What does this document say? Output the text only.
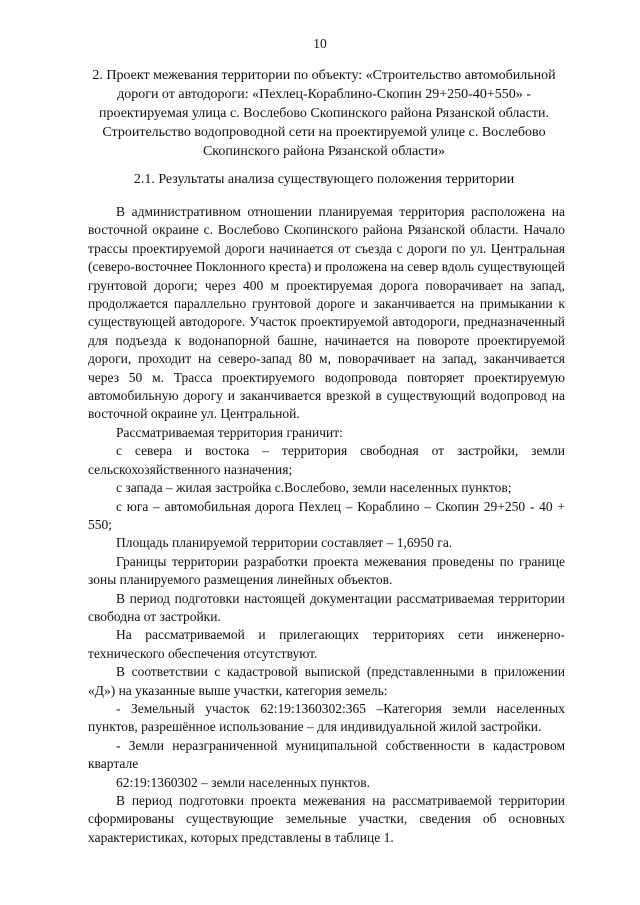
10
2. Проект межевания территории по объекту: «Строительство автомобильной
дороги от автодороги: «Пехлец-Кораблино-Скопин 29+250-40+550» -
проектируемая улица с. Вослебово Скопинского района Рязанской области.
Строительство водопроводной сети на проектируемой улице с. Вослебово
Скопинского района Рязанской области»
2.1. Результаты анализа существующего положения территории

В административном отношении планируемая территория расположена на восточной окраине с. Вослебово Скопинского района Рязанской области. Начало трассы проектируемой дороги начинается от съезда с дороги по ул. Центральная (северо-восточнее Поклонного креста) и проложена на север вдоль существующей грунтовой дороги; через 400 м проектируемая дорога поворачивает на запад, продолжается параллельно грунтовой дороге и заканчивается на примыкании к существующей автодороге. Участок проектируемой автодороги, предназначенный для подъезда к водонапорной башне, начинается на повороте проектируемой дороги, проходит на северо-запад 80 м, поворачивает на запад, заканчивается через 50 м. Трасса проектируемого водопровода повторяет проектируемую автомобильную дорогу и заканчивается врезкой в существующий водопровод на восточной окраине ул. Центральной.

Рассматриваемая территория граничит:

с севера и востока – территория свободная от застройки, земли сельскохозяйственного назначения;

с запада – жилая застройка с.Вослебово, земли населенных пунктов;

с юга – автомобильная дорога Пехлец – Кораблино – Скопин 29+250 - 40 + 550;

Площадь планируемой территории составляет – 1,6950 га.

Границы территории разработки проекта межевания проведены по границе зоны планируемого размещения линейных объектов.

В период подготовки настоящей документации рассматриваемая территории свободна от застройки.

На рассматриваемой и прилегающих территориях сети инженерно-технического обеспечения отсутствуют.

В соответствии с кадастровой выпиской (представленными в приложении «Д») на указанные выше участки, категория земель:

- Земельный участок 62:19:1360302:365 –Категория земли населенных пунктов, разрешённое использование – для индивидуальной жилой застройки.

- Земли неразграниченной муниципальной собственности в кадастровом квартале

62:19:1360302 – земли населенных пунктов.

В период подготовки проекта межевания на рассматриваемой территории сформированы существующие земельные участки, сведения об основных характеристиках, которых представлены в таблице 1.
